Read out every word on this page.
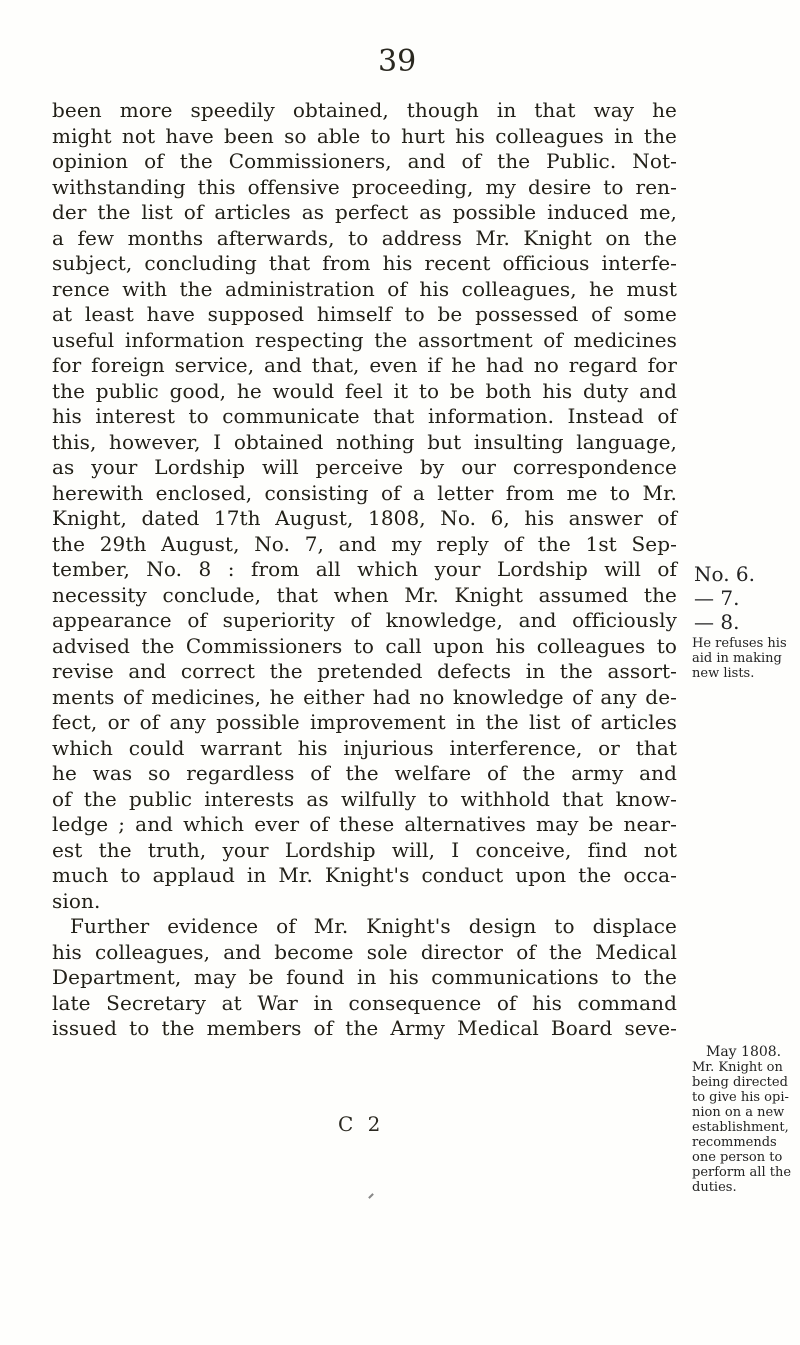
39
been more speedily obtained, though in that way he
might not have been so able to hurt his colleagues in the
opinion of the Commissioners, and of the Public. Not-
withstanding this offensive proceeding, my desire to ren-
der the list of articles as perfect as possible induced me,
a few months afterwards, to address Mr. Knight on the
subject, concluding that from his recent officious interfe-
rence with the administration of his colleagues, he must
at least have supposed himself to be possessed of some
useful information respecting the assortment of medicines
for foreign service, and that, even if he had no regard for
the public good, he would feel it to be both his duty and
his interest to communicate that information. Instead of
this, however, I obtained nothing but insulting language,
as your Lordship will perceive by our correspondence
herewith enclosed, consisting of a letter from me to Mr.
Knight, dated 17th August, 1808, No. 6, his answer of
the 29th August, No. 7, and my reply of the 1st Sep-
tember, No. 8 : from all which your Lordship will of
necessity conclude, that when Mr. Knight assumed the
appearance of superiority of knowledge, and officiously
advised the Commissioners to call upon his colleagues to
revise and correct the pretended defects in the assort-
ments of medicines, he either had no knowledge of any de-
fect, or of any possible improvement in the list of articles
which could warrant his injurious interference, or that
he was so regardless of the welfare of the army and
of the public interests as wilfully to withhold that know-
ledge ; and which ever of these alternatives may be near-
est the truth, your Lordship will, I conceive, find not
much to applaud in Mr. Knight's conduct upon the occa-
sion.
Further evidence of Mr. Knight's design to displace
his colleagues, and become sole director of the Medical
Department, may be found in his communications to the
late Secretary at War in consequence of his command
issued to the members of the Army Medical Board seve-
No. 6.
— 7.
— 8.
He refuses his
aid in making
new lists.
May 1808.
Mr. Knight on
being directed
to give his opi-
nion on a new
establishment,
recommends
one person to
perform all the
duties.
C 2
